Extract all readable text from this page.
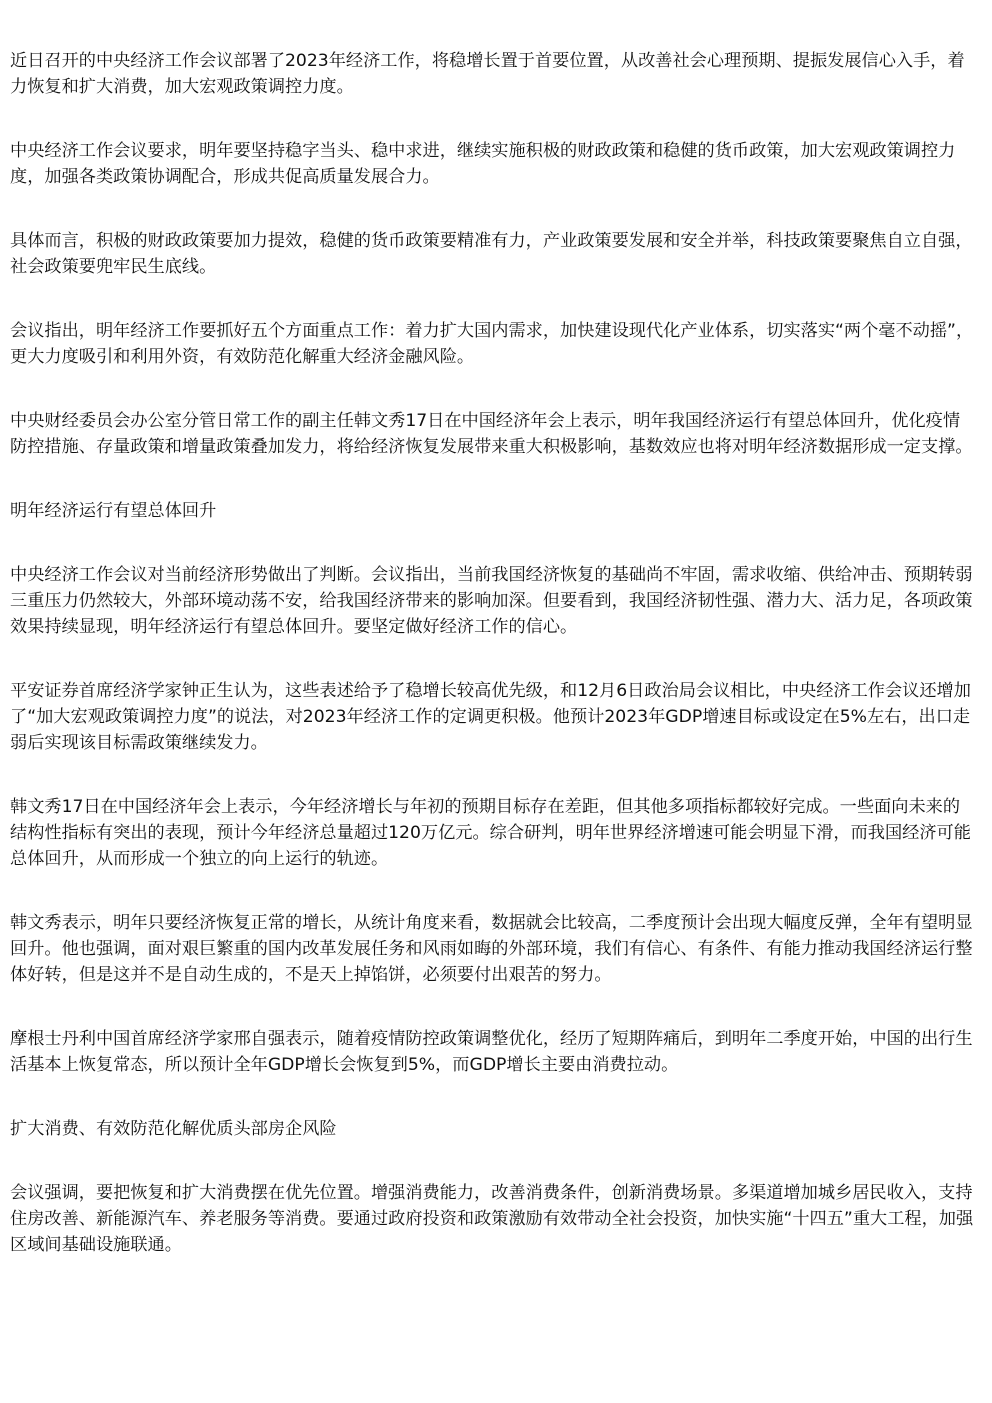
近日召开的中央经济工作会议部署了2023年经济工作，将稳增长置于首要位置，从改善社会心理预期、提振发展信心入手，着力恢复和扩大消费，加大宏观政策调控力度。

中央经济工作会议要求，明年要坚持稳字当头、稳中求进，继续实施积极的财政政策和稳健的货币政策，加大宏观政策调控力度，加强各类政策协调配合，形成共促高质量发展合力。

具体而言，积极的财政政策要加力提效，稳健的货币政策要精准有力，产业政策要发展和安全并举，科技政策要聚焦自立自强，社会政策要兜牢民生底线。

会议指出，明年经济工作要抓好五个方面重点工作：着力扩大国内需求，加快建设现代化产业体系，切实落实“两个毫不动摇”，更大力度吸引和利用外资，有效防范化解重大经济金融风险。

中央财经委员会办公室分管日常工作的副主任韩文秀17日在中国经济年会上表示，明年我国经济运行有望总体回升，优化疫情防控措施、存量政策和增量政策叠加发力，将给经济恢复发展带来重大积极影响，基数效应也将对明年经济数据形成一定支撑。

明年经济运行有望总体回升

中央经济工作会议对当前经济形势做出了判断。会议指出，当前我国经济恢复的基础尚不牢固，需求收缩、供给冲击、预期转弱三重压力仍然较大，外部环境动荡不安，给我国经济带来的影响加深。但要看到，我国经济韧性强、潜力大、活力足，各项政策效果持续显现，明年经济运行有望总体回升。要坚定做好经济工作的信心。

平安证券首席经济学家钟正生认为，这些表述给予了稳增长较高优先级，和12月6日政治局会议相比，中央经济工作会议还增加了“加大宏观政策调控力度”的说法，对2023年经济工作的定调更积极。他预计2023年GDP增速目标或设定在5%左右，出口走弱后实现该目标需政策继续发力。

韩文秀17日在中国经济年会上表示，今年经济增长与年初的预期目标存在差距，但其他多项指标都较好完成。一些面向未来的结构性指标有突出的表现，预计今年经济总量超过120万亿元。综合研判，明年世界经济增速可能会明显下滑，而我国经济可能总体回升，从而形成一个独立的向上运行的轨迹。

韩文秀表示，明年只要经济恢复正常的增长，从统计角度来看，数据就会比较高，二季度预计会出现大幅度反弹，全年有望明显回升。他也强调，面对艰巨繁重的国内改革发展任务和风雨如晦的外部环境，我们有信心、有条件、有能力推动我国经济运行整体好转，但是这并不是自动生成的，不是天上掉馅饼，必须要付出艰苦的努力。

摩根士丹利中国首席经济学家邢自强表示，随着疫情防控政策调整优化，经历了短期阵痛后，到明年二季度开始，中国的出行生活基本上恢复常态，所以预计全年GDP增长会恢复到5%，而GDP增长主要由消费拉动。

扩大消费、有效防范化解优质头部房企风险

会议强调，要把恢复和扩大消费摆在优先位置。增强消费能力，改善消费条件，创新消费场景。多渠道增加城乡居民收入，支持住房改善、新能源汽车、养老服务等消费。要通过政府投资和政策激励有效带动全社会投资，加快实施“十四五”重大工程，加强区域间基础设施联通。
